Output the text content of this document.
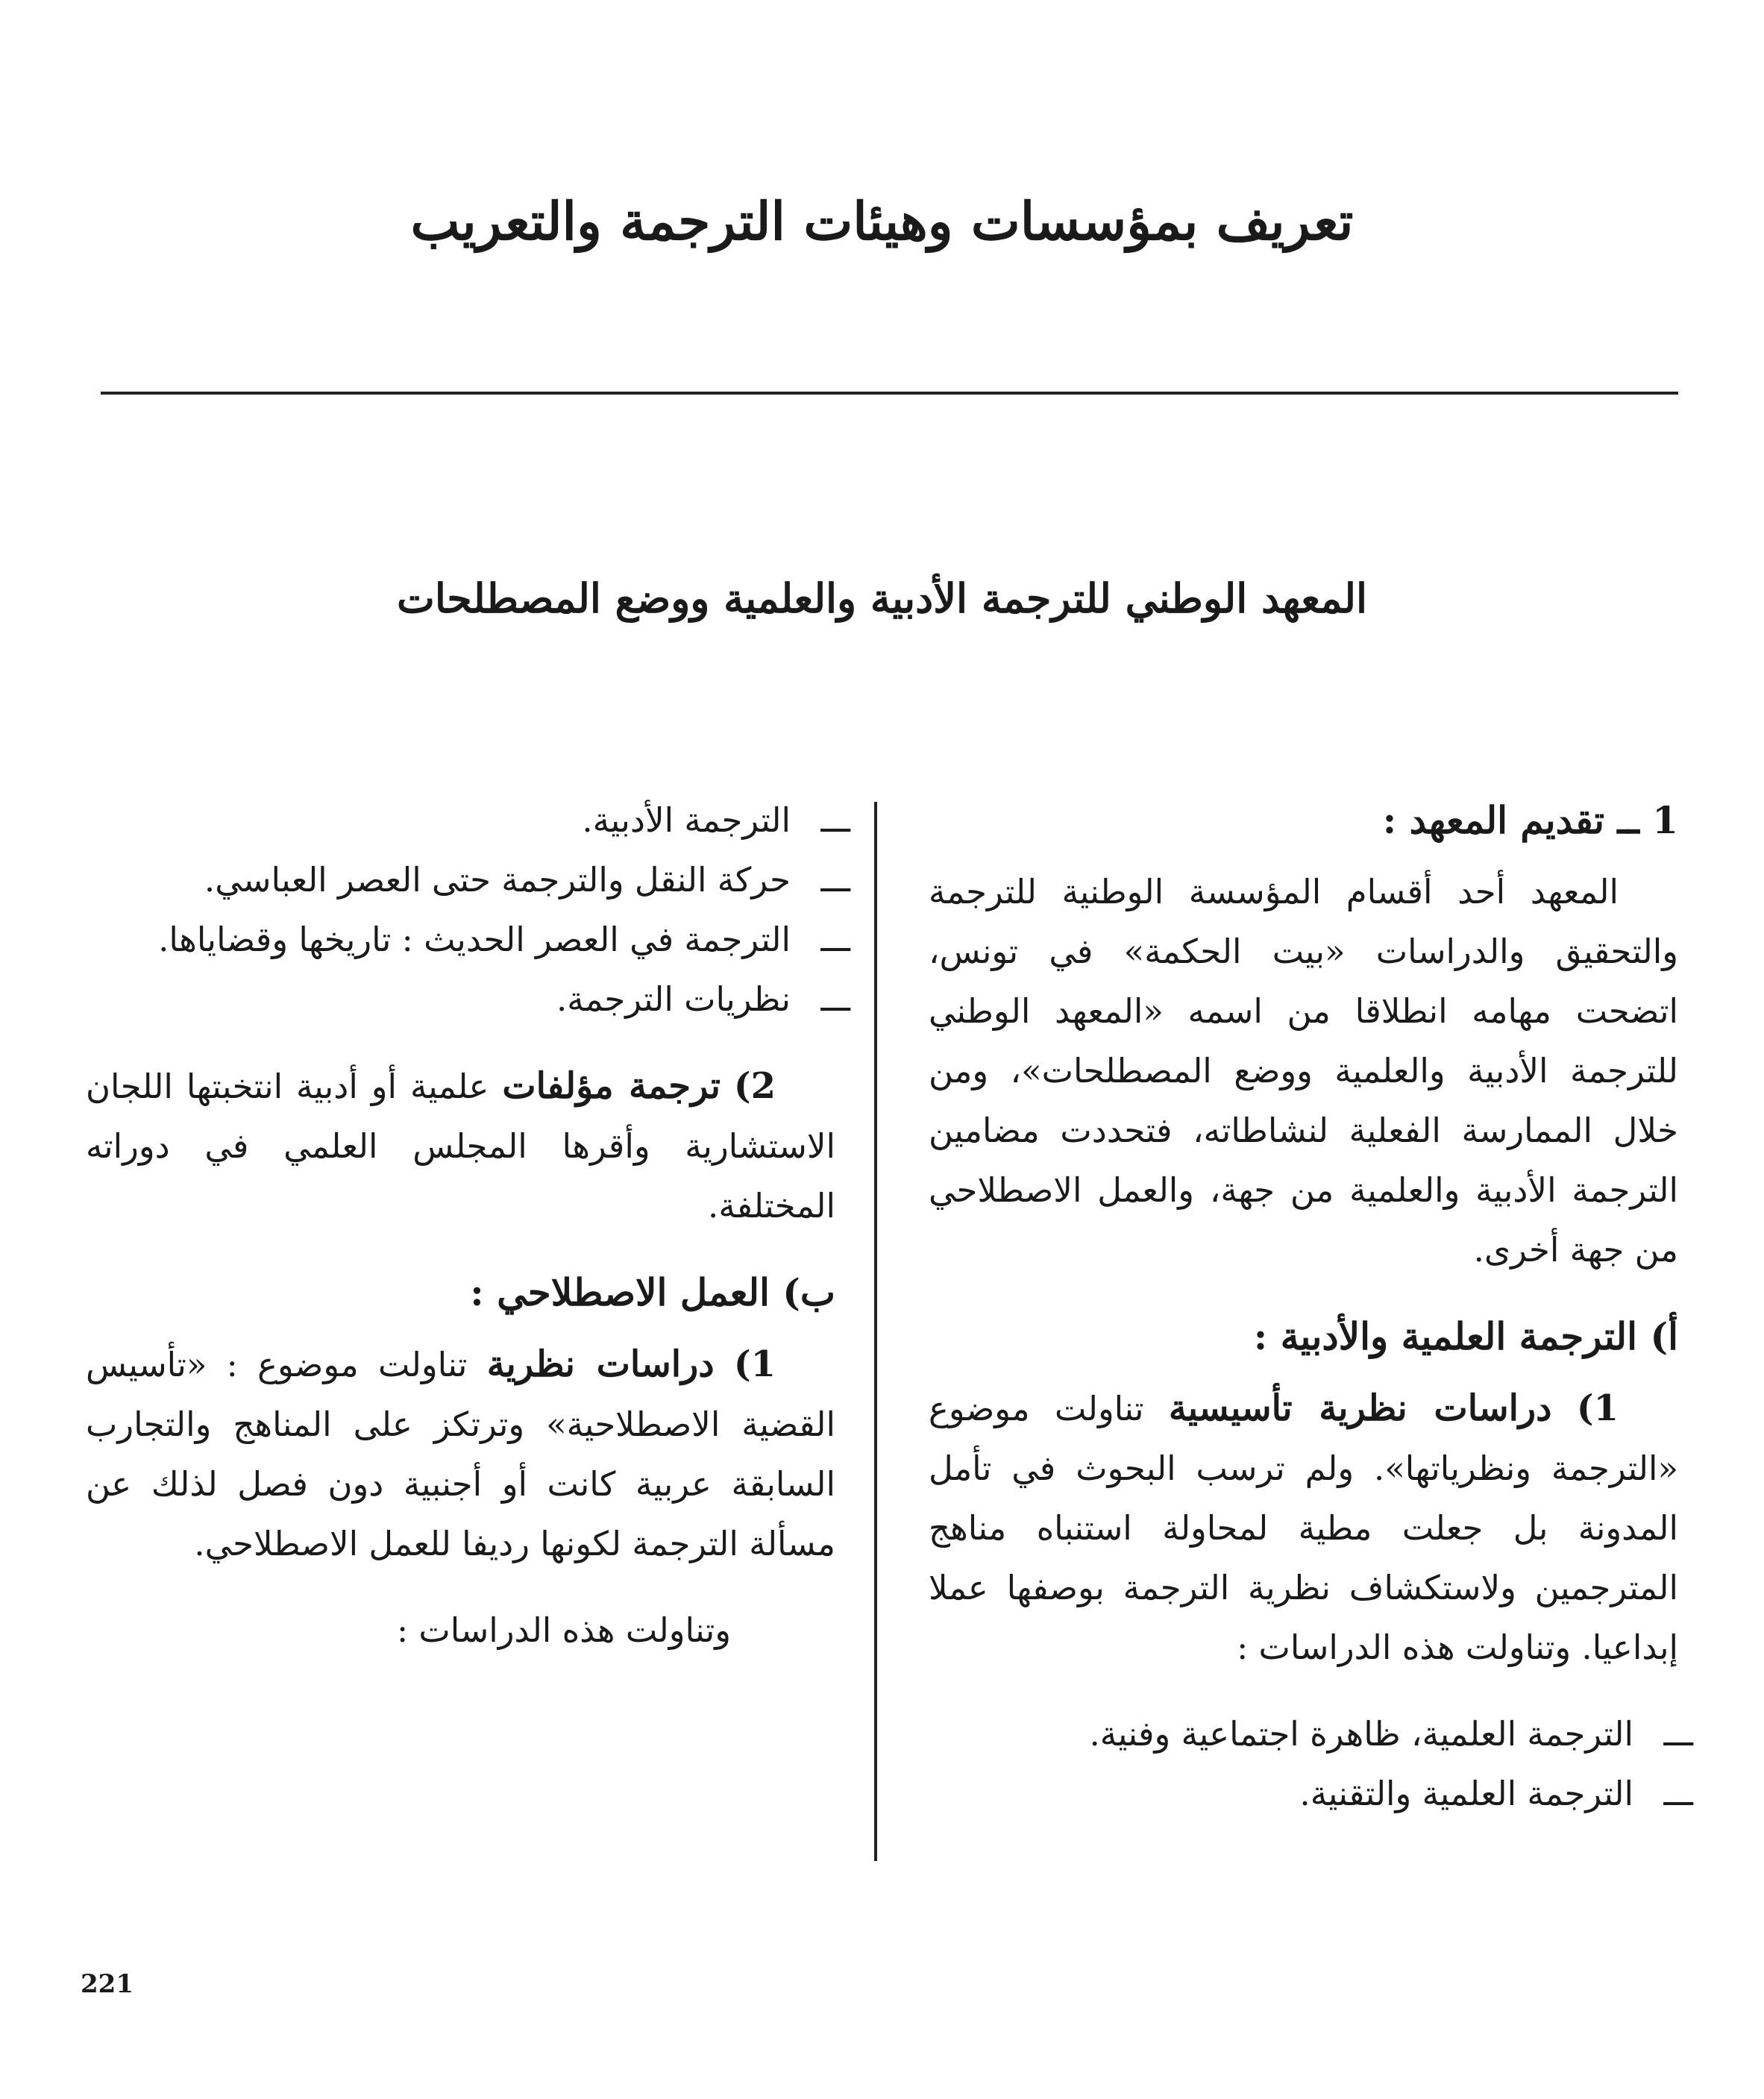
تعريف بمؤسسات وهيئات الترجمة والتعريب
المعهد الوطني للترجمة الأدبية والعلمية ووضع المصطلحات

1 ــ تقديم المعهد :

المعهد أحد أقسام المؤسسة الوطنية للترجمة والتحقيق والدراسات «بيت الحكمة» في تونس، اتضحت مهامه انطلاقا من اسمه «المعهد الوطني للترجمة الأدبية والعلمية ووضع المصطلحات»، ومن خلال الممارسة الفعلية لنشاطاته، فتحددت مضامين الترجمة الأدبية والعلمية من جهة، والعمل الاصطلاحي من جهة أخرى.

أ) الترجمة العلمية والأدبية :

1) دراسات نظرية تأسيسية تناولت موضوع «الترجمة ونظرياتها». ولم ترسب البحوث في تأمل المدونة بل جعلت مطية لمحاولة استنباه مناهج المترجمين ولاستكشاف نظرية الترجمة بوصفها عملا إبداعيا. وتناولت هذه الدراسات :

ـــ الترجمة العلمية، ظاهرة اجتماعية وفنية.
ـــ الترجمة العلمية والتقنية.
ـــ الترجمة الأدبية.
ـــ حركة النقل والترجمة حتى العصر العباسي.
ـــ الترجمة في العصر الحديث : تاريخها وقضاياها.
ـــ نظريات الترجمة.

2) ترجمة مؤلفات علمية أو أدبية انتخبتها اللجان الاستشارية وأقرها المجلس العلمي في دوراته المختلفة.

ب) العمل الاصطلاحي :

1) دراسات نظرية تناولت موضوع : «تأسيس القضية الاصطلاحية» وترتكز على المناهج والتجارب السابقة عربية كانت أو أجنبية دون فصل لذلك عن مسألة الترجمة لكونها رديفا للعمل الاصطلاحي.

وتناولت هذه الدراسات :

221
